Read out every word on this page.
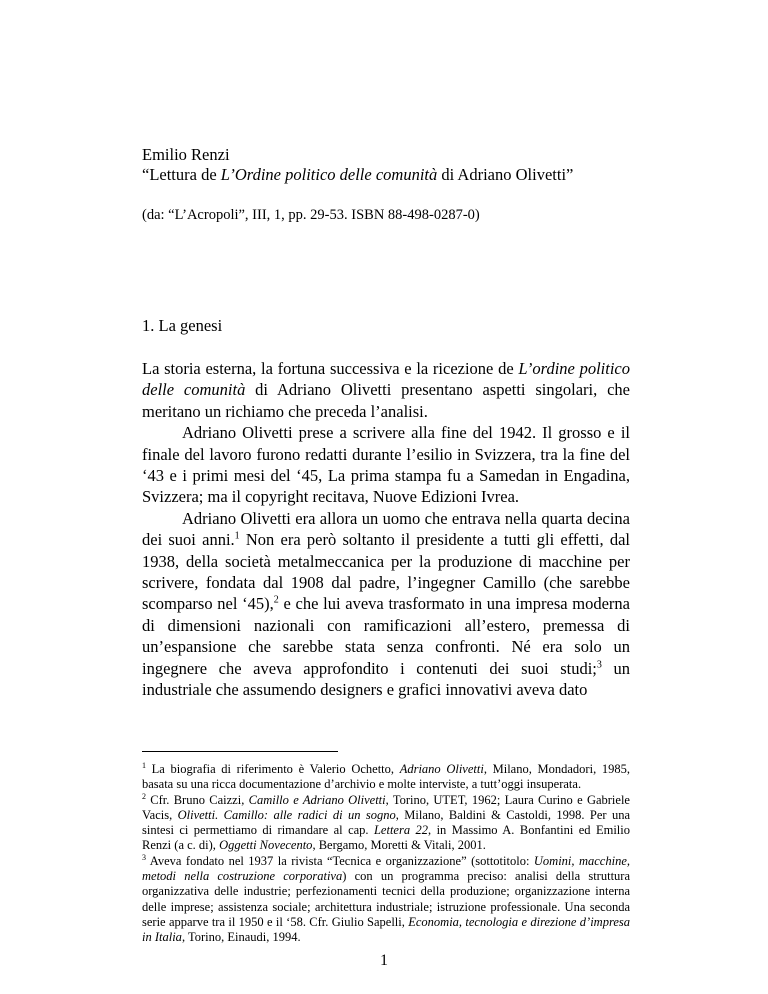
Emilio Renzi
“Lettura de L’Ordine politico delle comunità di Adriano Olivetti”
(da: “L’Acropoli”, III, 1, pp. 29-53. ISBN 88-498-0287-0)
1. La genesi

La storia esterna, la fortuna successiva e la ricezione de L’ordine politico delle comunità di Adriano Olivetti presentano aspetti singolari, che meritano un richiamo che preceda l’analisi.

Adriano Olivetti prese a scrivere alla fine del 1942. Il grosso e il finale del lavoro furono redatti durante l’esilio in Svizzera, tra la fine del ‘43 e i primi mesi del ‘45, La prima stampa fu a Samedan in Engadina, Svizzera; ma il copyright recitava, Nuove Edizioni Ivrea.

Adriano Olivetti era allora un uomo che entrava nella quarta decina dei suoi anni.$^1$ Non era però soltanto il presidente a tutti gli effetti, dal 1938, della società metalmeccanica per la produzione di macchine per scrivere, fondata dal 1908 dal padre, l’ingegner Camillo (che sarebbe scomparso nel ‘45),$^2$ e che lui aveva trasformato in una impresa moderna di dimensioni nazionali con ramificazioni all’estero, premessa di un’espansione che sarebbe stata senza confronti. Né era solo un ingegnere che aveva approfondito i contenuti dei suoi studi;$^3$ un industriale che assumendo designers e grafici innovativi aveva dato

$^1$ La biografia di riferimento è Valerio Ochetto, Adriano Olivetti, Milano, Mondadori, 1985, basata su una ricca documentazione d’archivio e molte interviste, a tutt’oggi insuperata.

$^2$ Cfr. Bruno Caizzi, Camillo e Adriano Olivetti, Torino, UTET, 1962; Laura Curino e Gabriele Vacis, Olivetti. Camillo: alle radici di un sogno, Milano, Baldini & Castoldi, 1998. Per una sintesi ci permettiamo di rimandare al cap. Lettera 22, in Massimo A. Bonfantini ed Emilio Renzi (a c. di), Oggetti Novecento, Bergamo, Moretti & Vitali, 2001.

$^3$ Aveva fondato nel 1937 la rivista “Tecnica e organizzazione” (sottotitolo: Uomini, macchine, metodi nella costruzione corporativa) con un programma preciso: analisi della struttura organizzativa delle industrie; perfezionamenti tecnici della produzione; organizzazione interna delle imprese; assistenza sociale; architettura industriale; istruzione professionale. Una seconda serie apparve tra il 1950 e il ‘58. Cfr. Giulio Sapelli, Economia, tecnologia e direzione d’impresa in Italia, Torino, Einaudi, 1994.

1
